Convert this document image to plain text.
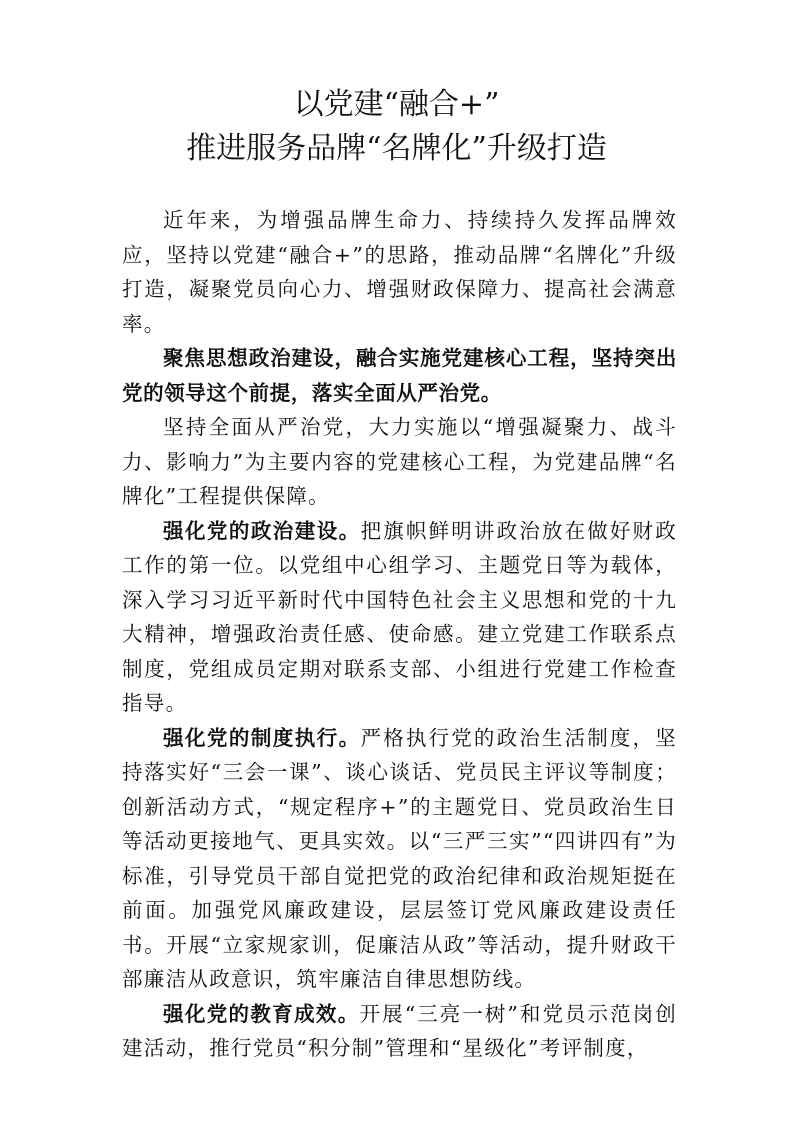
以党建“融合+”
推进服务品牌“名牌化”升级打造

近年来，为增强品牌生命力、持续持久发挥品牌效应，坚持以党建“融合+”的思路，推动品牌“名牌化”升级打造，凝聚党员向心力、增强财政保障力、提高社会满意率。

聚焦思想政治建设，融合实施党建核心工程，坚持突出党的领导这个前提，落实全面从严治党。

坚持全面从严治党，大力实施以“增强凝聚力、战斗力、影响力”为主要内容的党建核心工程，为党建品牌“名牌化”工程提供保障。

强化党的政治建设。把旗帜鲜明讲政治放在做好财政工作的第一位。以党组中心组学习、主题党日等为载体，深入学习习近平新时代中国特色社会主义思想和党的十九大精神，增强政治责任感、使命感。建立党建工作联系点制度，党组成员定期对联系支部、小组进行党建工作检查指导。

强化党的制度执行。严格执行党的政治生活制度，坚持落实好“三会一课”、谈心谈话、党员民主评议等制度；创新活动方式，“规定程序+”的主题党日、党员政治生日等活动更接地气、更具实效。以“三严三实”“四讲四有”为标准，引导党员干部自觉把党的政治纪律和政治规矩挺在前面。加强党风廉政建设，层层签订党风廉政建设责任书。开展“立家规家训，促廉洁从政”等活动，提升财政干部廉洁从政意识，筑牢廉洁自律思想防线。

强化党的教育成效。开展“三亮一树”和党员示范岗创建活动，推行党员“积分制”管理和“星级化”考评制度，
